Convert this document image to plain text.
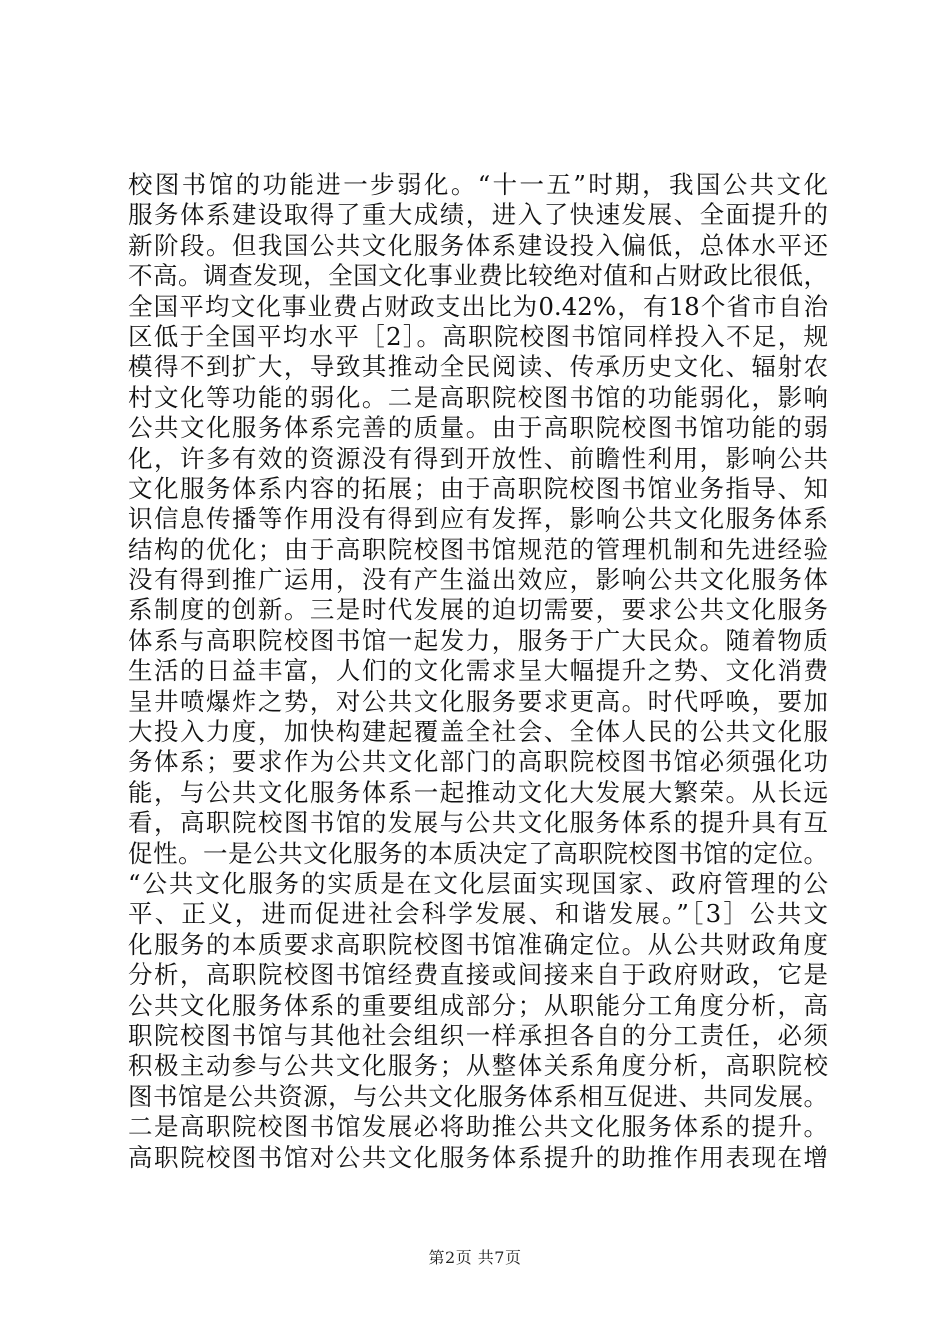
校图书馆的功能进一步弱化。“十一五”时期，我国公共文化
服务体系建设取得了重大成绩，进入了快速发展、全面提升的
新阶段。但我国公共文化服务体系建设投入偏低，总体水平还
不高。调查发现，全国文化事业费比较绝对值和占财政比很低，
全国平均文化事业费占财政支出比为0.42%，有18个省市自治
区低于全国平均水平［2］。高职院校图书馆同样投入不足，规
模得不到扩大，导致其推动全民阅读、传承历史文化、辐射农
村文化等功能的弱化。二是高职院校图书馆的功能弱化，影响
公共文化服务体系完善的质量。由于高职院校图书馆功能的弱
化，许多有效的资源没有得到开放性、前瞻性利用，影响公共
文化服务体系内容的拓展；由于高职院校图书馆业务指导、知
识信息传播等作用没有得到应有发挥，影响公共文化服务体系
结构的优化；由于高职院校图书馆规范的管理机制和先进经验
没有得到推广运用，没有产生溢出效应，影响公共文化服务体
系制度的创新。三是时代发展的迫切需要，要求公共文化服务
体系与高职院校图书馆一起发力，服务于广大民众。随着物质
生活的日益丰富，人们的文化需求呈大幅提升之势、文化消费
呈井喷爆炸之势，对公共文化服务要求更高。时代呼唤，要加
大投入力度，加快构建起覆盖全社会、全体人民的公共文化服
务体系；要求作为公共文化部门的高职院校图书馆必须强化功
能，与公共文化服务体系一起推动文化大发展大繁荣。从长远
看，高职院校图书馆的发展与公共文化服务体系的提升具有互
促性。一是公共文化服务的本质决定了高职院校图书馆的定位。
“公共文化服务的实质是在文化层面实现国家、政府管理的公
平、正义，进而促进社会科学发展、和谐发展。”［3］公共文
化服务的本质要求高职院校图书馆准确定位。从公共财政角度
分析，高职院校图书馆经费直接或间接来自于政府财政，它是
公共文化服务体系的重要组成部分；从职能分工角度分析，高
职院校图书馆与其他社会组织一样承担各自的分工责任，必须
积极主动参与公共文化服务；从整体关系角度分析，高职院校
图书馆是公共资源，与公共文化服务体系相互促进、共同发展。
二是高职院校图书馆发展必将助推公共文化服务体系的提升。
高职院校图书馆对公共文化服务体系提升的助推作用表现在增
第2页 共7页
